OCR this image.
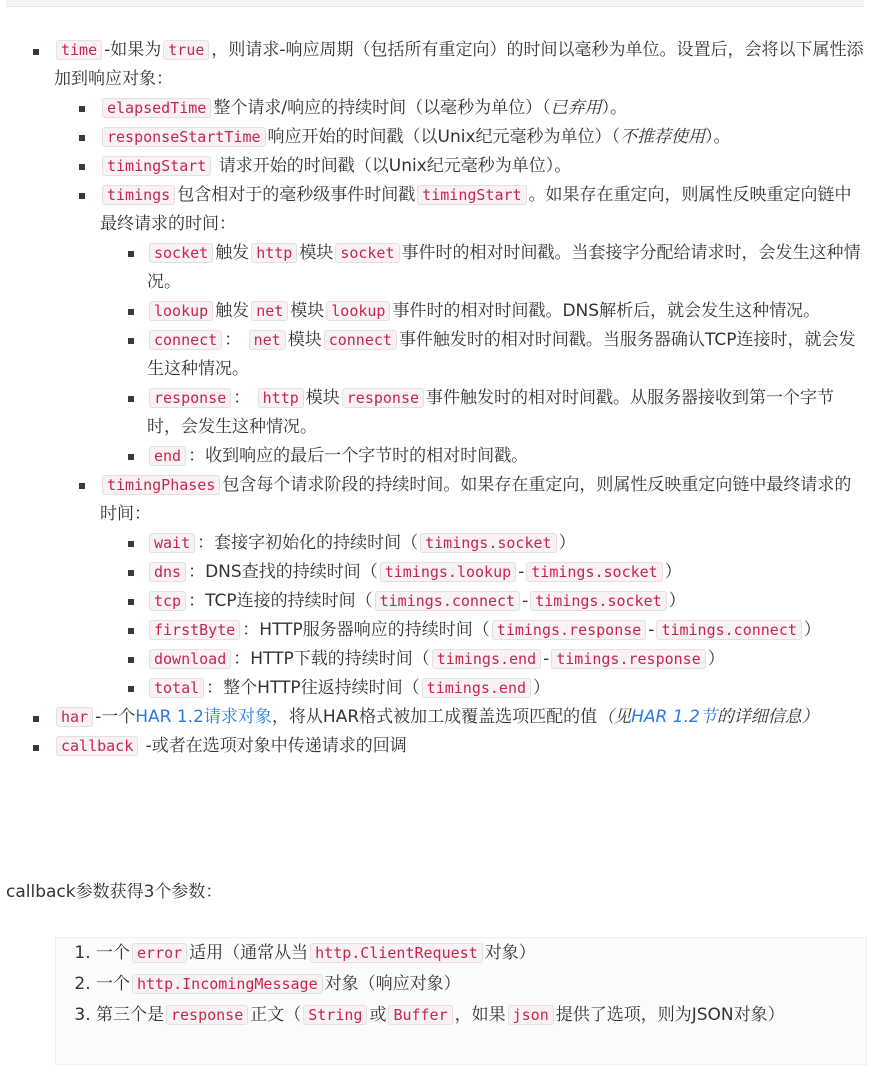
time -如果为 true ，则请求-响应周期（包括所有重定向）的时间以毫秒为单位。设置后，会将以下属性添加到响应对象：
elapsedTime 整个请求/响应的持续时间（以毫秒为单位）（已弃用）。
responseStartTime 响应开始的时间戳（以Unix纪元毫秒为单位）（不推荐使用）。
timingStart 请求开始的时间戳（以Unix纪元毫秒为单位）。
timings 包含相对于的毫秒级事件时间戳 timingStart 。如果存在重定向，则属性反映重定向链中最终请求的时间：
socket 触发 http 模块 socket 事件时的相对时间戳。当套接字分配给请求时，会发生这种情况。
lookup 触发 net 模块 lookup 事件时的相对时间戳。DNS解析后，就会发生这种情况。
connect ： net 模块 connect 事件触发时的相对时间戳。当服务器确认TCP连接时，就会发生这种情况。
response ： http 模块 response 事件触发时的相对时间戳。从服务器接收到第一个字节时，会发生这种情况。
end ：收到响应的最后一个字节时的相对时间戳。
timingPhases 包含每个请求阶段的持续时间。如果存在重定向，则属性反映重定向链中最终请求的时间：
wait ：套接字初始化的持续时间（ timings.socket ）
dns ：DNS查找的持续时间（ timings.lookup - timings.socket ）
tcp ：TCP连接的持续时间（ timings.connect - timings.socket ）
firstByte ：HTTP服务器响应的持续时间（ timings.response - timings.connect ）
download ：HTTP下载的持续时间（ timings.end - timings.response ）
total ：整个HTTP往返持续时间（ timings.end ）
har -一个HAR 1.2请求对象，将从HAR格式被加工成覆盖选项匹配的值（见HAR 1.2节的详细信息）
callback -或者在选项对象中传递请求的回调
callback参数获得3个参数：
1. 一个 error 适用（通常从当 http.ClientRequest 对象）
2. 一个 http.IncomingMessage 对象（响应对象）
3. 第三个是 response 正文（ String 或 Buffer ，如果 json 提供了选项，则为JSON对象）
